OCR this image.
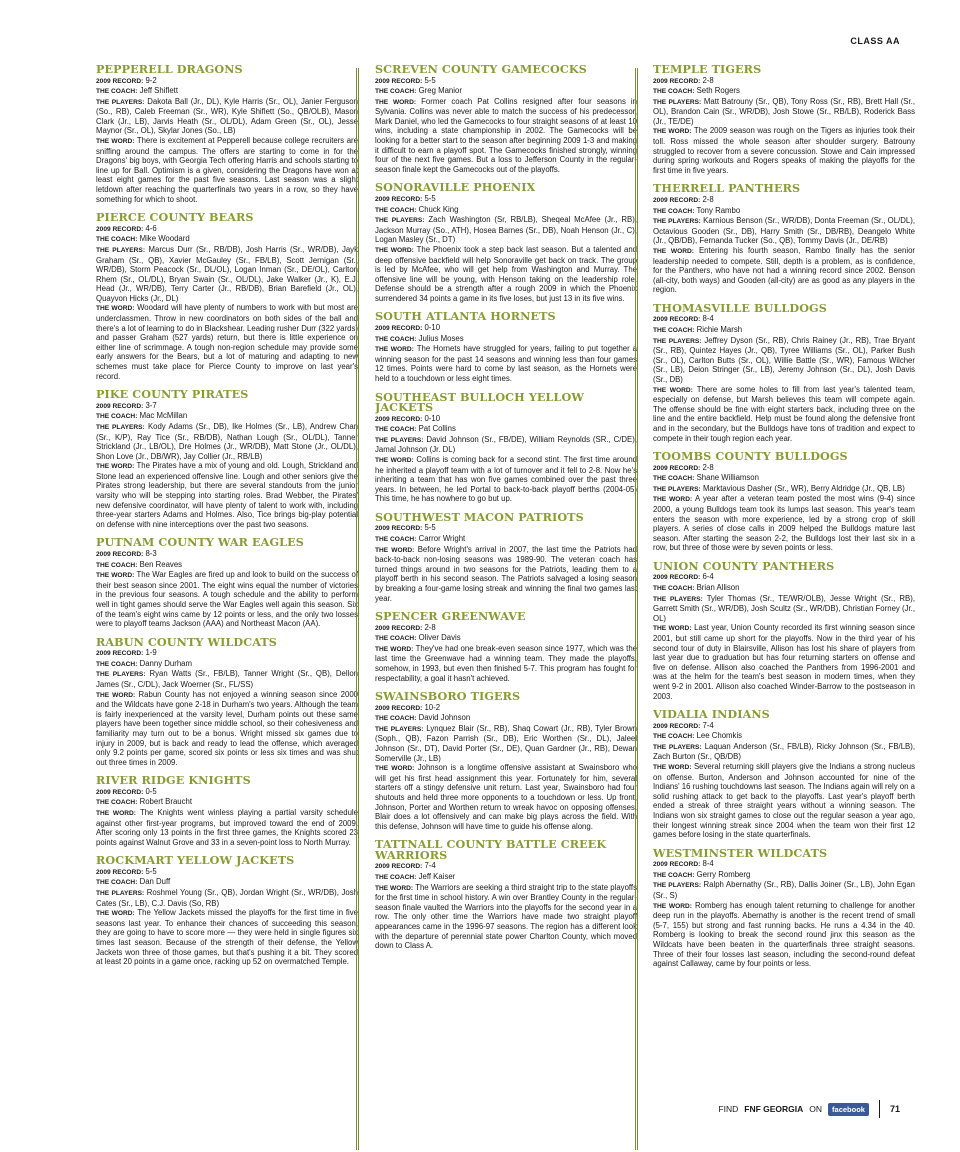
CLASS AA
PEPPERELL DRAGONS

2009 RECORD: 9-2

THE COACH: Jeff Shiflett

THE PLAYERS: Dakota Ball (Jr., DL), Kyle Harris (Sr., OL), Janier Ferguson (So., RB), Caleb Freeman (Sr., WR), Kyle Shiflett (So., QB/OLB), Mason Clark (Jr., LB), Jarvis Heath (Sr., OL/DL), Adam Green (Sr., OL), Jesse Maynor (Sr., OL), Skylar Jones (So., LB)

THE WORD: There is excitement at Pepperell because college recruiters are sniffing around the campus. The offers are starting to come in for the Dragons' big boys, with Georgia Tech offering Harris and schools starting to line up for Ball. Optimism is a given, considering the Dragons have won at least eight games for the past five seasons. Last season was a slight letdown after reaching the quarterfinals two years in a row, so they have something for which to shoot.

PIERCE COUNTY BEARS

2009 RECORD: 4-6

THE COACH: Mike Woodard

THE PLAYERS: Marcus Durr (Sr., RB/DB), Josh Harris (Sr., WR/DB), Jayk Graham (Sr., QB), Xavier McGauley (Sr., FB/LB), Scott Jernigan (Sr., WR/DB), Storm Peacock (Sr., DL/OL), Logan Inman (Sr., DE/OL), Carlton Rhem (Sr., OL/DL), Bryan Swain (Sr., OL/DL), Jake Walker (Jr., K), E.J. Head (Jr., WR/DB), Terry Carter (Jr., RB/DB), Brian Barefield (Jr., OL), Quayvon Hicks (Jr., DL)

THE WORD: Woodard will have plenty of numbers to work with but most are underclassmen. Throw in new coordinators on both sides of the ball and there's a lot of learning to do in Blackshear. Leading rusher Durr (322 yards) and passer Graham (527 yards) return, but there is little experience on either line of scrimmage. A tough non-region schedule may provide some early answers for the Bears, but a lot of maturing and adapting to new schemes must take place for Pierce County to improve on last year's record.

PIKE COUNTY PIRATES

2009 RECORD: 3-7

THE COACH: Mac McMillan

THE PLAYERS: Kody Adams (Sr., DB), Ike Holmes (Sr., LB), Andrew Chan (Sr., K/P), Ray Tice (Sr., RB/DB), Nathan Lough (Sr., OL/DL), Tanner Strickland (Jr., LB/OL), Dre Holmes (Jr., WR/DB), Matt Stone (Jr., OL/DL), Shon Love (Jr., DB/WR), Jay Collier (Jr., RB/LB)

THE WORD: The Pirates have a mix of young and old. Lough, Strickland and Stone lead an experienced offensive line. Lough and other seniors give the Pirates strong leadership, but there are several standouts from the junior varsity who will be stepping into starting roles. Brad Webber, the Pirates' new defensive coordinator, will have plenty of talent to work with, including three-year starters Adams and Holmes. Also, Tice brings big-play potential on defense with nine interceptions over the past two seasons.

PUTNAM COUNTY WAR EAGLES

2009 RECORD: 8-3

THE COACH: Ben Reaves

THE WORD: The War Eagles are fired up and look to build on the success of their best season since 2001. The eight wins equal the number of victories in the previous four seasons. A tough schedule and the ability to perform well in tight games should serve the War Eagles well again this season. Six of the team's eight wins came by 12 points or less, and the only two losses were to playoff teams Jackson (AAA) and Northeast Macon (AA).

RABUN COUNTY WILDCATS

2009 RECORD: 1-9

THE COACH: Danny Durham

THE PLAYERS: Ryan Watts (Sr., FB/LB), Tanner Wright (Sr., QB), Dellon James (Sr., C/DL), Jack Woerner (Sr., FL/SS)

THE WORD: Rabun County has not enjoyed a winning season since 2000 and the Wildcats have gone 2-18 in Durham's two years. Although the team is fairly inexperienced at the varsity level, Durham points out these same players have been together since middle school, so their cohesiveness and familiarity may turn out to be a bonus. Wright missed six games due to injury in 2009, but is back and ready to lead the offense, which averaged only 9.2 points per game, scored six points or less six times and was shut out three times in 2009.

RIVER RIDGE KNIGHTS

2009 RECORD: 0-5

THE COACH: Robert Braucht

THE WORD: The Knights went winless playing a partial varsity schedule against other first-year programs, but improved toward the end of 2009. After scoring only 13 points in the first three games, the Knights scored 23 points against Walnut Grove and 33 in a seven-point loss to North Murray.

ROCKMART YELLOW JACKETS

2009 RECORD: 5-5

THE COACH: Dan Duff

THE PLAYERS: Roshmel Young (Sr., QB), Jordan Wright (Sr., WR/DB), Josh Cates (Sr., LB), C.J. Davis (So, RB)

THE WORD: The Yellow Jackets missed the playoffs for the first time in five seasons last year. To enhance their chances of succeeding this season, they are going to have to score more — they were held in single figures six times last season. Because of the strength of their defense, the Yellow Jackets won three of those games, but that's pushing it a bit. They scored at least 20 points in a game once, racking up 52 on overmatched Temple.

SCREVEN COUNTY GAMECOCKS

2009 RECORD: 5-5

THE COACH: Greg Manior

THE WORD: Former coach Pat Collins resigned after four seasons in Sylvania. Collins was never able to match the success of his predecessor, Mark Daniel, who led the Gamecocks to four straight seasons of at least 10 wins, including a state championship in 2002. The Gamecocks will be looking for a better start to the season after beginning 2009 1-3 and making it difficult to earn a playoff spot. The Gamecocks finished strongly, winning four of the next five games. But a loss to Jefferson County in the regular-season finale kept the Gamecocks out of the playoffs.

SONORAVILLE PHOENIX

2009 RECORD: 5-5

THE COACH: Chuck King

THE PLAYERS: Zach Washington (Sr, RB/LB), Sheqeal McAfee (Jr., RB), Jackson Murray (So., ATH), Hosea Barnes (Sr., DB), Noah Henson (Jr., C), Logan Masley (Sr., DT)

THE WORD: The Phoenix took a step back last season. But a talented and deep offensive backfield will help Sonoraville get back on track. The group is led by McAfee, who will get help from Washington and Murray. The offensive line will be young, with Henson taking on the leadership role. Defense should be a strength after a rough 2009 in which the Phoenix surrendered 34 points a game in its five loses, but just 13 in its five wins.

SOUTH ATLANTA HORNETS

2009 RECORD: 0-10

THE COACH: Julius Moses

THE WORD: The Hornets have struggled for years, failing to put together a winning season for the past 14 seasons and winning less than four games 12 times. Points were hard to come by last season, as the Hornets were held to a touchdown or less eight times.

SOUTHEAST BULLOCH YELLOW JACKETS

2009 RECORD: 0-10

THE COACH: Pat Collins

THE PLAYERS: David Johnson (Sr., FB/DE), William Reynolds (SR., C/DE), Jamal Johnson (Jr. DL)

THE WORD: Collins is coming back for a second stint. The first time around he inherited a playoff team with a lot of turnover and it fell to 2-8. Now he's inheriting a team that has won five games combined over the past three years. In between, he led Portal to back-to-back playoff berths (2004-05) This time, he has nowhere to go but up.

SOUTHWEST MACON PATRIOTS

2009 RECORD: 5-5

THE COACH: Carror Wright

THE WORD: Before Wright's arrival in 2007, the last time the Patriots had back-to-back non-losing seasons was 1989-90. The veteran coach has turned things around in two seasons for the Patriots, leading them to a playoff berth in his second season. The Patriots salvaged a losing season by breaking a four-game losing streak and winning the final two games last year.

SPENCER GREENWAVE

2009 RECORD: 2-8

THE COACH: Oliver Davis

THE WORD: They've had one break-even season since 1977, which was the last time the Greenwave had a winning team. They made the playoffs, somehow, in 1993, but even then finished 5-7. This program has fought for respectability, a goal it hasn't achieved.

SWAINSBORO TIGERS

2009 RECORD: 10-2

THE COACH: David Johnson

THE PLAYERS: Lynquez Blair (Sr., RB), Shaq Cowart (Jr., RB), Tyler Brown (Soph., QB), Fazon Parrish (Sr., DB), Eric Worthen (Sr., DL), Jaleel Johnson (Sr., DT), David Porter (Sr., DE), Quan Gardner (Jr., RB), Dewan Somerville (Jr., LB)

THE WORD: Johnson is a longtime offensive assistant at Swainsboro who will get his first head assignment this year. Fortunately for him, several starters off a stingy defensive unit return. Last year, Swainsboro had four shutouts and held three more opponents to a touchdown or less. Up front, Johnson, Porter and Worthen return to wreak havoc on opposing offenses. Blair does a lot offensively and can make big plays across the field. With this defense, Johnson will have time to guide his offense along.

TATTNALL COUNTY BATTLE CREEK WARRIORS

2009 RECORD: 7-4

THE COACH: Jeff Kaiser

THE WORD: The Warriors are seeking a third straight trip to the state playoffs for the first time in school history. A win over Brantley County in the regular-season finale vaulted the Warriors into the playoffs for the second year in a row. The only other time the Warriors have made two straight playoff appearances came in the 1996-97 seasons. The region has a different look with the departure of perennial state power Charlton County, which moved down to Class A.

TEMPLE TIGERS

2009 RECORD: 2-8

THE COACH: Seth Rogers

THE PLAYERS: Matt Batrouny (Sr., QB), Tony Ross (Sr., RB), Brett Hall (Sr., OL), Brandon Cain (Sr., WR/DB), Josh Stowe (Sr., RB/LB), Roderick Bass (Jr., TE/DE)

THE WORD: The 2009 season was rough on the Tigers as injuries took their toll. Ross missed the whole season after shoulder surgery. Batrouny struggled to recover from a severe concussion. Stowe and Cain impressed during spring workouts and Rogers speaks of making the playoffs for the first time in five years.

THERRELL PANTHERS

2009 RECORD: 2-8

THE COACH: Tony Rambo

THE PLAYERS: Karnious Benson (Sr., WR/DB), Donta Freeman (Sr., OL/DL), Octavious Gooden (Sr., DB), Harry Smith (Sr., DB/RB), Deangelo White (Jr., QB/DB), Fernanda Tucker (So., QB), Tommy Davis (Jr., DE/RB)

THE WORD: Entering his fourth season, Rambo finally has the senior leadership needed to compete. Still, depth is a problem, as is confidence, for the Panthers, who have not had a winning record since 2002. Benson (all-city, both ways) and Gooden (all-city) are as good as any players in the region.

THOMASVILLE BULLDOGS

2009 RECORD: 8-4

THE COACH: Richie Marsh

THE PLAYERS: Jeffrey Dyson (Sr., RB), Chris Rainey (Jr., RB), Trae Bryant (Sr., RB), Quintez Hayes (Jr., QB), Tyree Williams (Sr., OL), Parker Bush (Sr., OL), Carlton Butts (Sr., OL), Willie Battle (Sr., WR), Famous Wilcher (Sr., LB), Deion Stringer (Sr., LB), Jeremy Johnson (Sr., DL), Josh Davis (Sr., DB)

THE WORD: There are some holes to fill from last year's talented team, especially on defense, but Marsh believes this team will compete again. The offense should be fine with eight starters back, including three on the line and the entire backfield. Help must be found along the defensive front and in the secondary, but the Bulldogs have tons of tradition and expect to compete in their tough region each year.

TOOMBS COUNTY BULLDOGS

2009 RECORD: 2-8

THE COACH: Shane Williamson

THE PLAYERS: Marktavious Dasher (Sr., WR), Berry Aldridge (Jr., QB, LB)

THE WORD: A year after a veteran team posted the most wins (9-4) since 2000, a young Bulldogs team took its lumps last season. This year's team enters the season with more experience, led by a strong crop of skill players. A series of close calls in 2009 helped the Bulldogs mature last season. After starting the season 2-2, the Bulldogs lost their last six in a row, but three of those were by seven points or less.

UNION COUNTY PANTHERS

2009 RECORD: 6-4

THE COACH: Brian Allison

THE PLAYERS: Tyler Thomas (Sr., TE/WR/OLB), Jesse Wright (Sr., RB), Garrett Smith (Sr., WR/DB), Josh Scultz (Sr., WR/DB), Christian Forney (Jr., OL)

THE WORD: Last year, Union County recorded its first winning season since 2001, but still came up short for the playoffs. Now in the third year of his second tour of duty in Blairsville, Allison has lost his share of players from last year due to graduation but has four returning starters on offense and five on defense. Allison also coached the Panthers from 1996-2001 and was at the helm for the team's best season in modern times, when they went 9-2 in 2001. Allison also coached Winder-Barrow to the postseason in 2003.

VIDALIA INDIANS

2009 RECORD: 7-4

THE COACH: Lee Chomkis

THE PLAYERS: Laquan Anderson (Sr., FB/LB), Ricky Johnson (Sr., FB/LB), Zach Burton (Sr., QB/DB)

THE WORD: Several returning skill players give the Indians a strong nucleus on offense. Burton, Anderson and Johnson accounted for nine of the Indians' 16 rushing touchdowns last season. The Indians again will rely on a solid rushing attack to get back to the playoffs. Last year's playoff berth ended a streak of three straight years without a winning season. The Indians won six straight games to close out the regular season a year ago, their longest winning streak since 2004 when the team won their first 12 games before losing in the state quarterfinals.

WESTMINSTER WILDCATS

2009 RECORD: 8-4

THE COACH: Gerry Romberg

THE PLAYERS: Ralph Abernathy (Sr., RB), Dallis Joiner (Sr., LB), John Egan (Sr., S)

THE WORD: Romberg has enough talent returning to challenge for another deep run in the playoffs. Abernathy is another is the recent trend of small (5-7, 155) but strong and fast running backs. He runs a 4.34 in the 40. Romberg is looking to break the second round jinx this season as the Wildcats have been beaten in the quarterfinals three straight seasons. Three of their four losses last season, including the second-round defeat against Callaway, came by four points or less.

FIND FNF GEORGIA ON	facebook	71
